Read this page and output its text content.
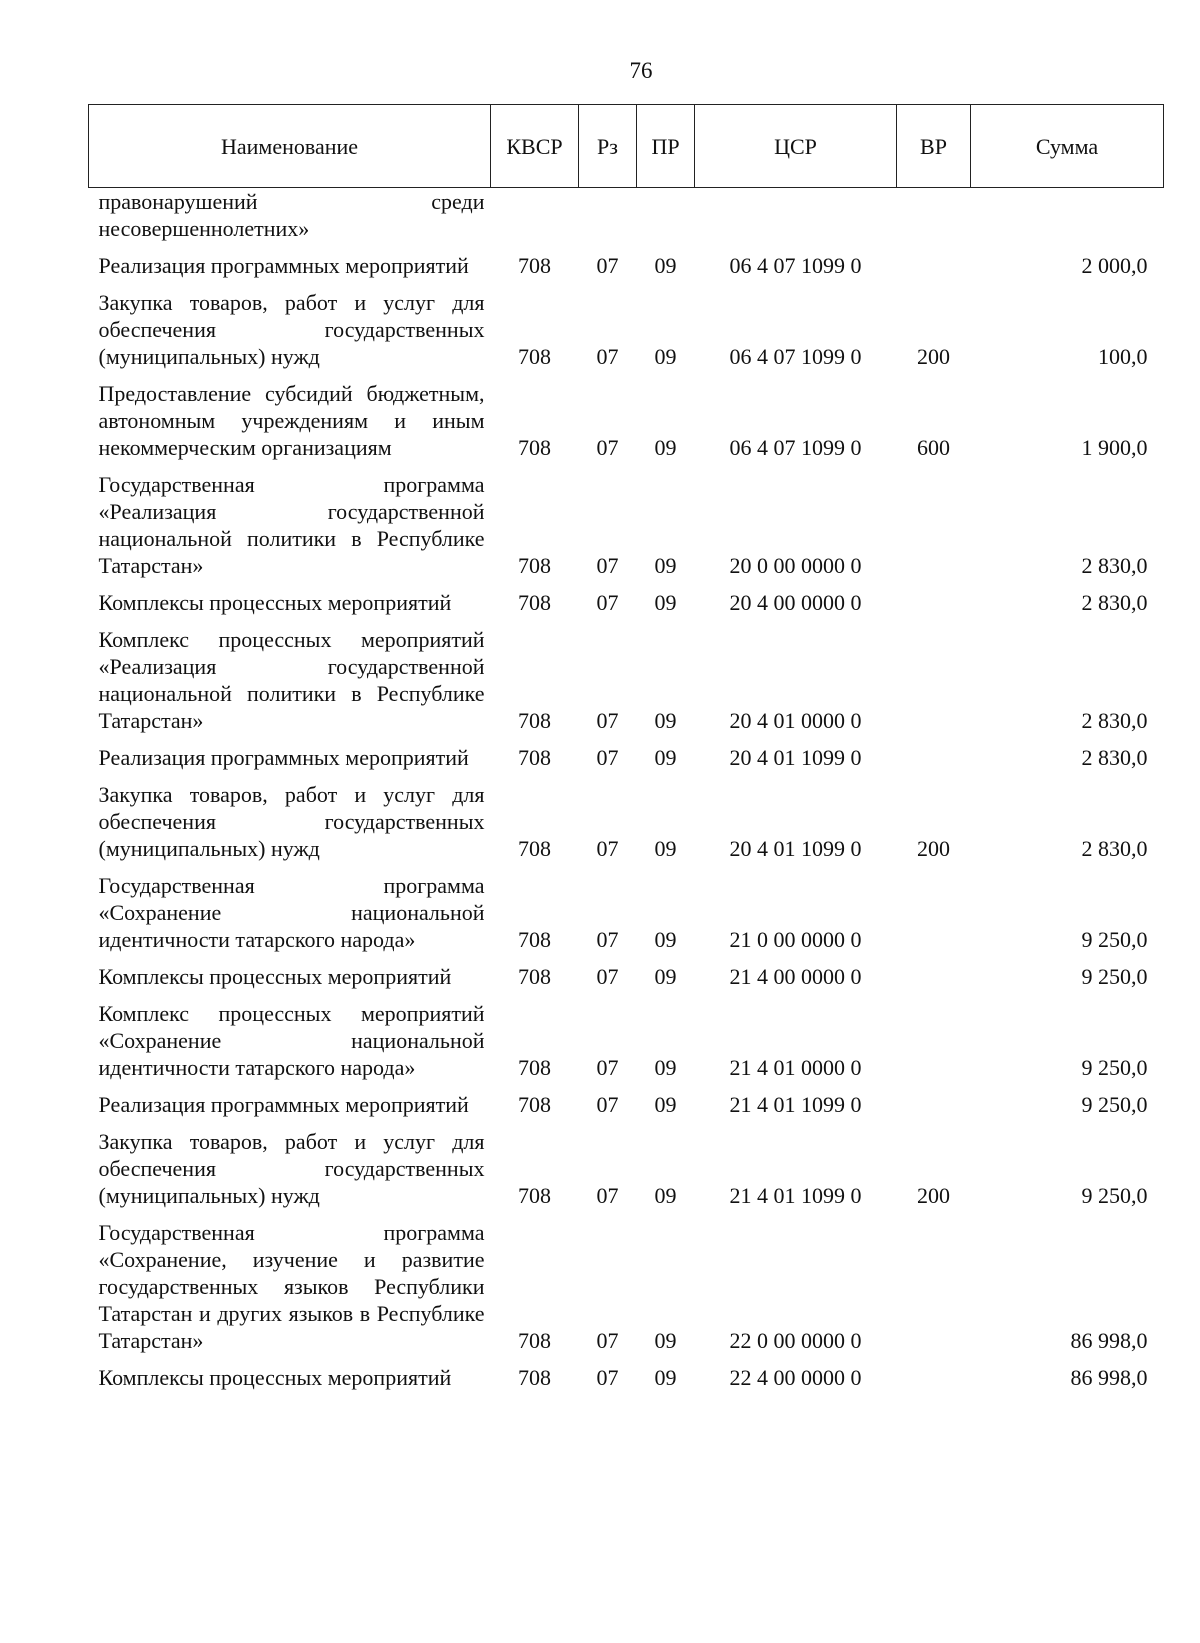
76
Наименование	КВСР	Рз	ПР	ЦСР	ВР	Сумма
правонарушений среди несовершеннолетних»						
Реализация программных мероприятий	708	07	09	06 4 07 1099 0		2 000,0
Закупка товаров, работ и услуг для обеспечения государственных (муниципальных) нужд	708	07	09	06 4 07 1099 0	200	100,0
Предоставление субсидий бюджетным, автономным учреждениям и иным некоммерческим организациям	708	07	09	06 4 07 1099 0	600	1 900,0
Государственная программа «Реализация государственной национальной политики в Республике Татарстан»	708	07	09	20 0 00 0000 0		2 830,0
Комплексы процессных мероприятий	708	07	09	20 4 00 0000 0		2 830,0
Комплекс процессных мероприятий «Реализация государственной национальной политики в Республике Татарстан»	708	07	09	20 4 01 0000 0		2 830,0
Реализация программных мероприятий	708	07	09	20 4 01 1099 0		2 830,0
Закупка товаров, работ и услуг для обеспечения государственных (муниципальных) нужд	708	07	09	20 4 01 1099 0	200	2 830,0
Государственная программа «Сохранение национальной идентичности татарского народа»	708	07	09	21 0 00 0000 0		9 250,0
Комплексы процессных мероприятий	708	07	09	21 4 00 0000 0		9 250,0
Комплекс процессных мероприятий «Сохранение национальной идентичности татарского народа»	708	07	09	21 4 01 0000 0		9 250,0
Реализация программных мероприятий	708	07	09	21 4 01 1099 0		9 250,0
Закупка товаров, работ и услуг для обеспечения государственных (муниципальных) нужд	708	07	09	21 4 01 1099 0	200	9 250,0
Государственная программа «Сохранение, изучение и развитие государственных языков Республики Татарстан и других языков в Республике Татарстан»	708	07	09	22 0 00 0000 0		86 998,0
Комплексы процессных мероприятий	708	07	09	22 4 00 0000 0		86 998,0
